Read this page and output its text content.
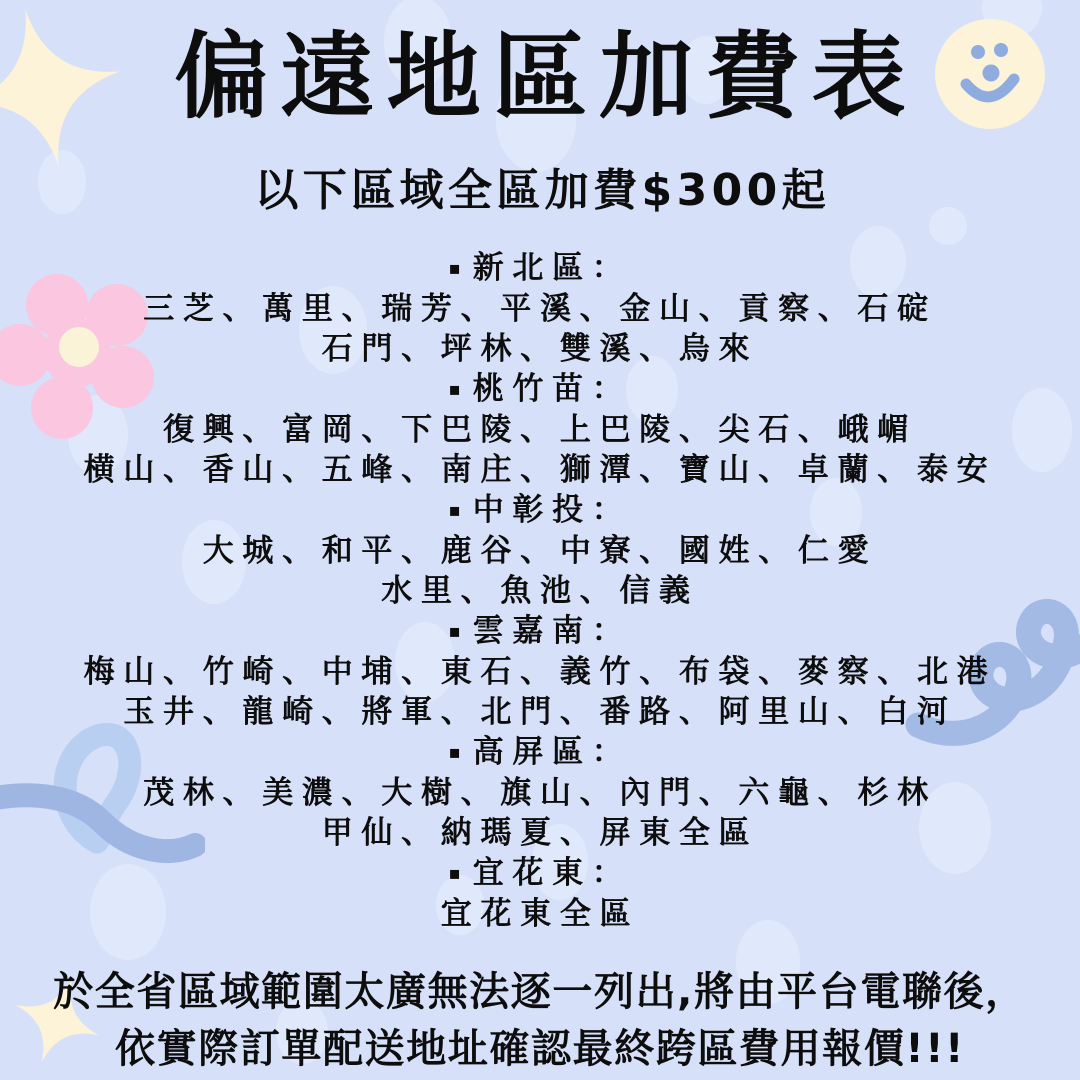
偏遠地區加費表
以下區域全區加費$300起
▪ 新北區：
三芝、萬里、瑞芳、平溪、金山、貢察、石碇
石門、坪林、雙溪、烏來
▪ 桃竹苗：
復興、富岡、下巴陵、上巴陵、尖石、峨嵋
横山、香山、五峰、南庄、獅潭、寶山、卓蘭、泰安
▪ 中彰投：
大城、和平、鹿谷、中寮、國姓、仁愛
水里、魚池、信義
▪ 雲嘉南：
梅山、竹崎、中埔、東石、義竹、布袋、麥察、北港
玉井、龍崎、將軍、北門、番路、阿里山、白河
▪ 高屏區：
茂林、美濃、大樹、旗山、內門、六龜、杉林
甲仙、納瑪夏、屏東全區
▪ 宜花東：
宜花東全區
於全省區域範圍太廣無法逐一列出,將由平台電聯後，
依實際訂單配送地址確認最終跨區費用報價!!!
